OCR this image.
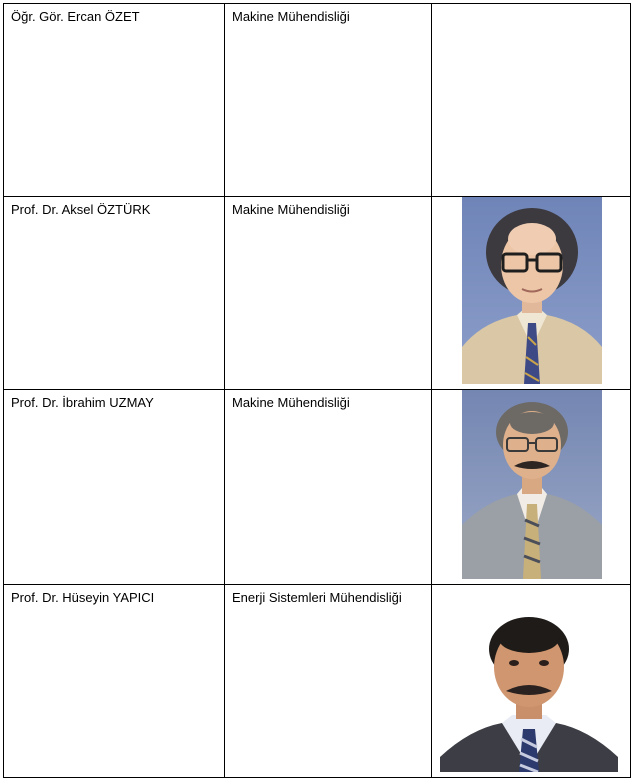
Öğr. Gör. Ercan ÖZET	Makine Mühendisliği	
Prof. Dr. Aksel ÖZTÜRK	Makine Mühendisliği	

Prof. Dr. İbrahim UZMAY	Makine Mühendisliği	

Prof. Dr. Hüseyin YAPICI	Enerji Sistemleri Mühendisliği	
